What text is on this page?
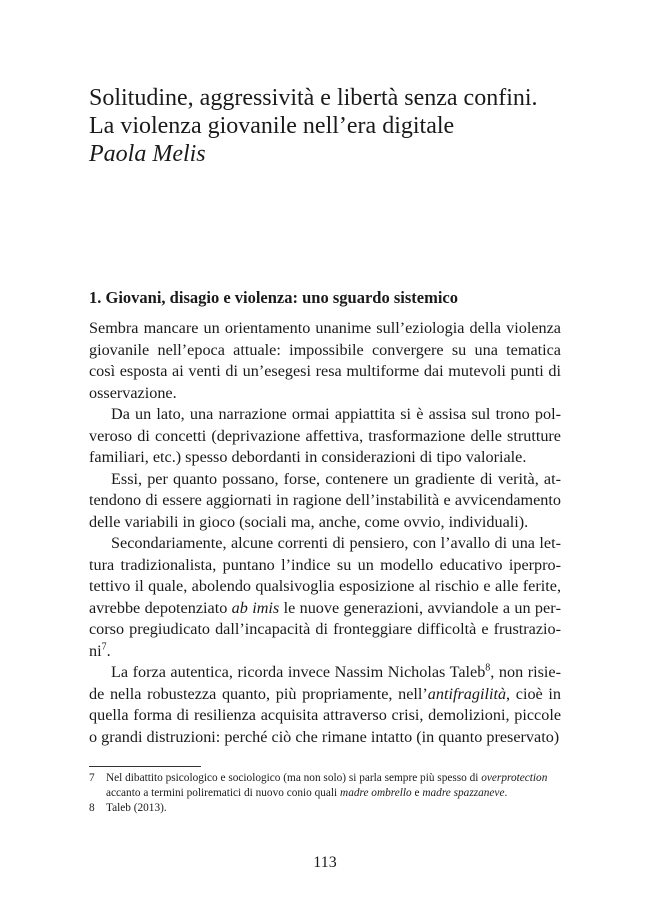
Solitudine, aggressività e libertà senza confini.

La violenza giovanile nell’era digitale

Paola Melis

1. Giovani, disagio e violenza: uno sguardo sistemico

Sembra mancare un orientamento unanime sull’eziologia della violenza giovanile nell’epoca attuale: impossibile convergere su una tematica così esposta ai venti di un’esegesi resa multiforme dai mutevoli punti di osservazione.

Da un lato, una narrazione ormai appiattita si è assisa sul trono polveroso di concetti (deprivazione affettiva, trasformazione delle strutture familiari, etc.) spesso debordanti in considerazioni di tipo valoriale.

Essi, per quanto possano, forse, contenere un gradiente di verità, attendono di essere aggiornati in ragione dell’instabilità e avvicendamento delle variabili in gioco (sociali ma, anche, come ovvio, individuali).

Secondariamente, alcune correnti di pensiero, con l’avallo di una lettura tradizionalista, puntano l’indice su un modello educativo iperprotettivo il quale, abolendo qualsivoglia esposizione al rischio e alle ferite, avrebbe depotenziato ab imis le nuove generazioni, avviandole a un percorso pregiudicato dall’incapacità di fronteggiare difficoltà e frustrazioni$^7$.

La forza autentica, ricorda invece Nassim Nicholas Taleb$^8$, non risiede nella robustezza quanto, più propriamente, nell’antifragilità, cioè in quella forma di resilienza acquisita attraverso crisi, demolizioni, piccole o grandi distruzioni: perché ciò che rimane intatto (in quanto preservato)

7	Nel dibattito psicologico e sociologico (ma non solo) si parla sempre più spesso di overprotection accanto a termini polirematici di nuovo conio quali madre ombrello e madre spazzaneve.

8	Taleb (2013).

113
